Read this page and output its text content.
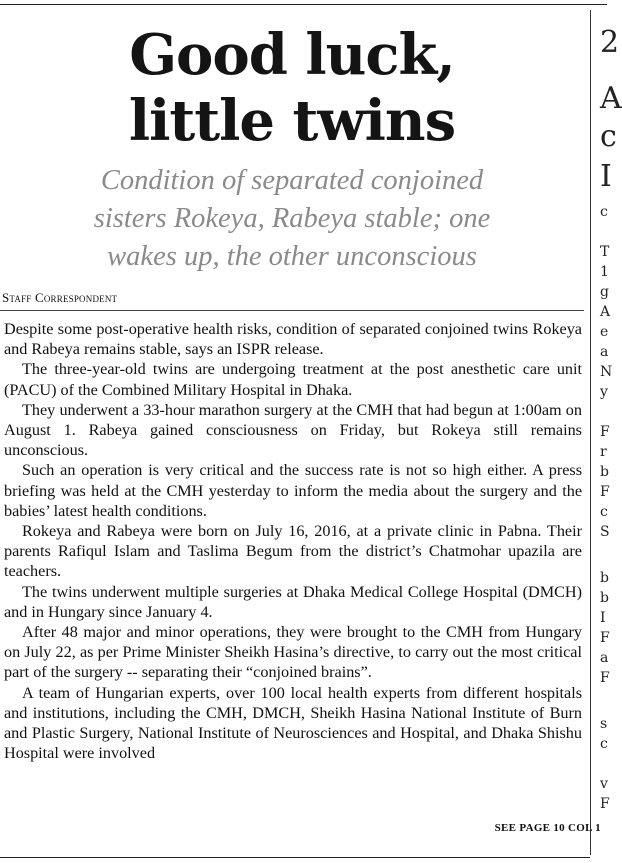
Good luck,
little twins
Condition of separated conjoined
sisters Rokeya, Rabeya stable; one
wakes up, the other unconscious
Staff Correspondent

Despite some post-operative health risks, condition of separated conjoined twins Rokeya and Rabeya remains stable, says an ISPR release.

The three-year-old twins are undergoing treatment at the post anesthetic care unit (PACU) of the Combined Military Hospital in Dhaka.

They underwent a 33-hour marathon surgery at the CMH that had begun at 1:00am on August 1. Rabeya gained consciousness on Friday, but Rokeya still remains unconscious.

Such an operation is very critical and the success rate is not so high either. A press briefing was held at the CMH yesterday to inform the media about the surgery and the babies’ latest health conditions.

Rokeya and Rabeya were born on July 16, 2016, at a private clinic in Pabna. Their parents Rafiqul Islam and Taslima Begum from the district’s Chatmohar upazila are teachers.

The twins underwent multiple surgeries at Dhaka Medical College Hospital (DMCH) and in Hungary since January 4.

After 48 major and minor operations, they were brought to the CMH from Hungary on July 22, as per Prime Minister Sheikh Hasina’s directive, to carry out the most critical part of the surgery -- separating their “conjoined brains”.

A team of Hungarian experts, over 100 local health experts from different hospitals and institutions, including the CMH, DMCH, Sheikh Hasina National Institute of Burn and Plastic Surgery, National Institute of Neurosciences and Hospital, and Dhaka Shishu Hospital were involved

SEE PAGE 10 COL 1
2
A
c
I
c
T
1
g
A
e
a
N
y
F
r
b
F
c
S
b
b
I
F
a
F
s
c
v
F
